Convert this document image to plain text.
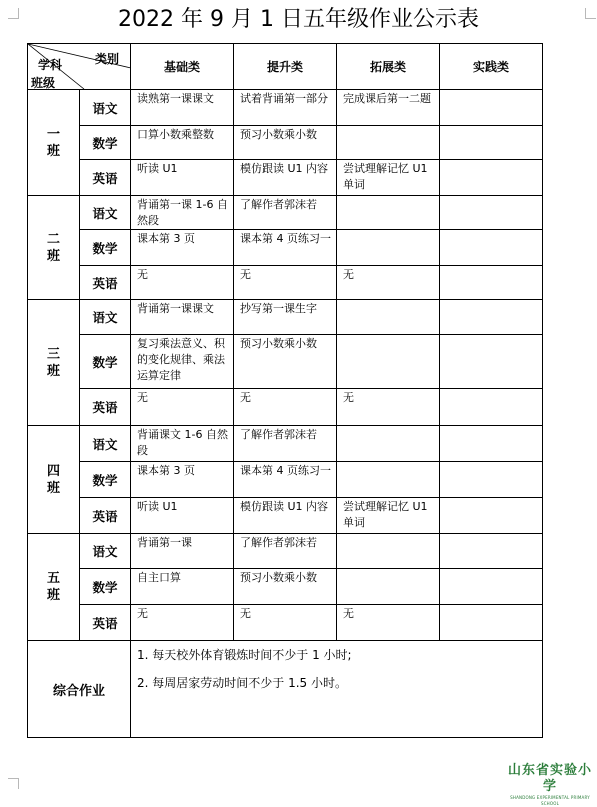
2022 年 9 月 1 日五年级作业公示表
类别
学科
班级		基础类	提升类	拓展类	实践类

一
班	语文	读熟第一课课文	试着背诵第一部分	完成课后第一二题	
	数学	口算小数乘整数	预习小数乘小数		
	英语	听读 U1	模仿跟读 U1 内容	尝试理解记忆 U1 单词	

二
班	语文	背诵第一课 1-6 自然段	了解作者郭沫若		
	数学	课本第 3 页	课本第 4 页练习一		
	英语	无	无	无	

三
班	语文	背诵第一课课文	抄写第一课生字		
	数学	复习乘法意义、积的变化规律、乘法运算定律	预习小数乘小数		
	英语	无	无	无	

四
班	语文	背诵课文 1-6 自然段	了解作者郭沫若		
	数学	课本第 3 页	课本第 4 页练习一		
	英语	听读 U1	模仿跟读 U1 内容	尝试理解记忆 U1 单词	

五
班	语文	背诵第一课	了解作者郭沫若		
	数学	自主口算	预习小数乘小数		
	英语	无	无	无	
综合作业		1. 每天校外体育锻炼时间不少于 1 小时;

2. 每周居家劳动时间不少于 1.5 小时。			

山东省实验小学
SHANDONG EXPERIMENTAL PRIMARY SCHOOL
